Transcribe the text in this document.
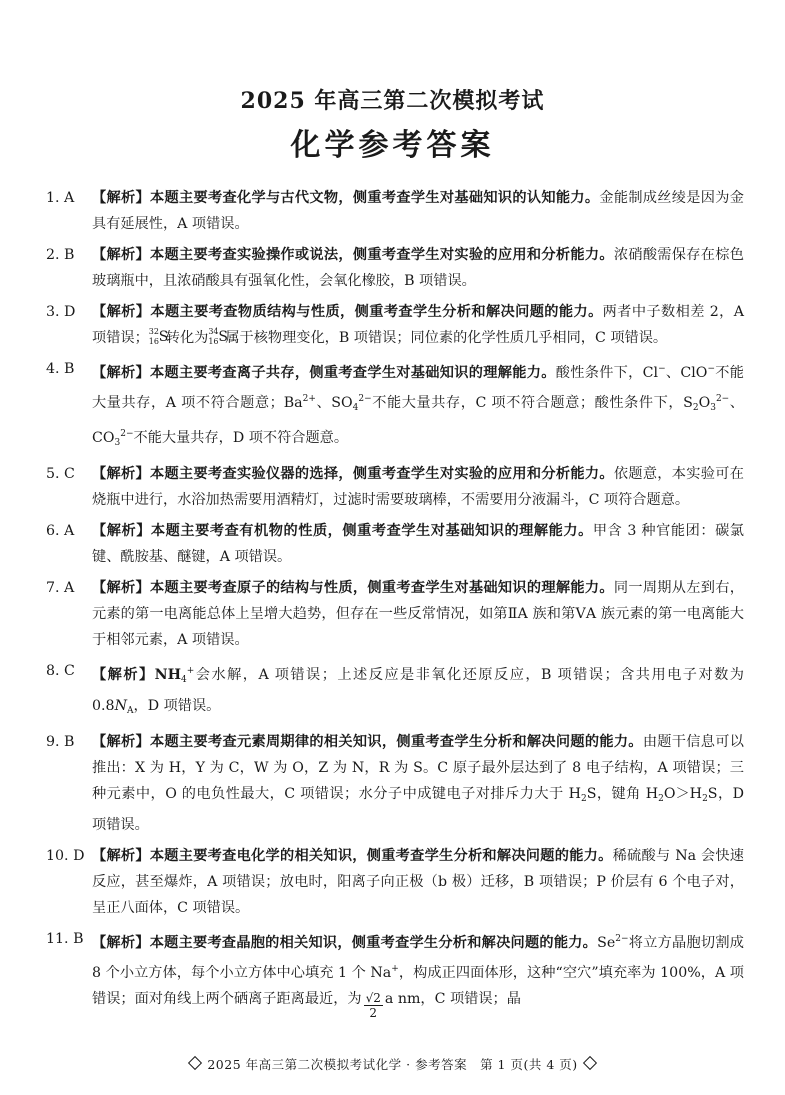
2025 年高三第二次模拟考试
化学参考答案
1. A	【解析】本题主要考查化学与古代文物，侧重考查学生对基础知识的认知能力。金能制成丝绫是因为金具有延展性，A 项错误。
2. B	【解析】本题主要考查实验操作或说法，侧重考查学生对实验的应用和分析能力。浓硝酸需保存在棕色玻璃瓶中，且浓硝酸具有强氧化性，会氧化橡胶，B 项错误。
3. D	【解析】本题主要考查物质结构与性质，侧重考查学生分析和解决问题的能力。两者中子数相差 2，A 项错误； 32
16 S
转化为 34
16 S
属于核物理变化，B 项错误；同位素的化学性质几乎相同，C 项错误。
4. B	【解析】本题主要考查离子共存，侧重考查学生对基础知识的理解能力。酸性条件下，Cl−、ClO−不能大量共存，A 项不符合题意；$Ba^{2+}$、$SO_4^{2-}$不能大量共存，C 项不符合题意；酸性条件下，$S_2O_3^{2-}$、$CO_3^{2-}$不能大量共存，D 项不符合题意。
5. C	【解析】本题主要考查实验仪器的选择，侧重考查学生对实验的应用和分析能力。依题意，本实验可在烧瓶中进行，水浴加热需要用酒精灯，过滤时需要玻璃棒，不需要用分液漏斗，C 项符合题意。
6. A	【解析】本题主要考查有机物的性质，侧重考查学生对基础知识的理解能力。甲含 3 种官能团：碳氯键、酰胺基、醚键，A 项错误。
7. A	【解析】本题主要考查原子的结构与性质，侧重考查学生对基础知识的理解能力。同一周期从左到右，元素的第一电离能总体上呈增大趋势，但存在一些反常情况，如第ⅡA 族和第ⅤA 族元素的第一电离能大于相邻元素，A 项错误。
8. C	【解析】$NH_4^+$会水解，A 项错误；上述反应是非氧化还原反应，B 项错误；含共用电子对数为 $0.8N_A$，D 项错误。
9. B	【解析】本题主要考查元素周期律的相关知识，侧重考查学生分析和解决问题的能力。由题干信息可以推出：X 为 H，Y 为 C，W 为 O，Z 为 N，R 为 S。C 原子最外层达到了 8 电子结构，A 项错误；三种元素中，O 的电负性最大，C 项错误；水分子中成键电子对排斥力大于 $H_2S$，键角 $H_2O>H_2S$，D 项错误。
10. D 【解析】本题主要考查电化学的相关知识，侧重考查学生分析和解决问题的能力。稀硫酸与 Na 会快速反应，甚至爆炸，A 项错误；放电时，阳离子向正极（b 极）迁移，B 项错误；P 价层有 6 个电子对，呈正八面体，C 项错误。
11. B 【解析】本题主要考查晶胞的相关知识，侧重考查学生分析和解决问题的能力。$Se^{2-}$将立方晶胞切割成 8 个小立方体，每个小立方体中心填充 1 个 Na+，构成正四面体形，这种“空穴”填充率为 100%，A 项错误；面对角线上两个硒离子距离最近，为 $\frac{√2}{2}$ a nm，C 项错误；晶
2025 年高三第二次模拟考试化学 · 参考答案　第 1 页(共 4 页)
